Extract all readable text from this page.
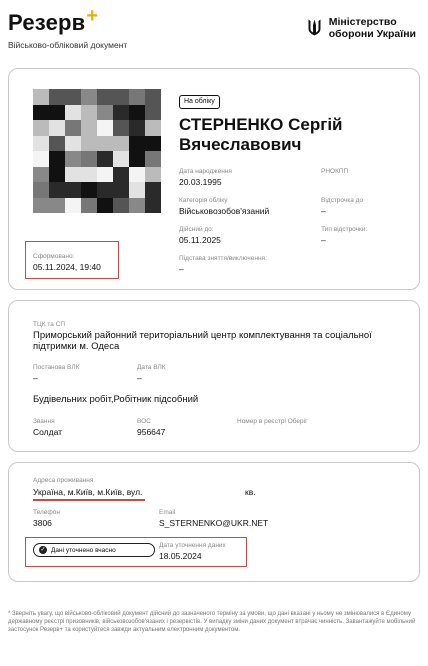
Резерв+
Військово-обліковий документ
Міністерство
оборони України
На обліку
СТЕРНЕНКО Сергій
Вячеславович
Дата народження
20.03.1995
РНОКПП
Категорія обліку
Військовозобов'язаний
Відстрочка до
–
Дійсний до:
05.11.2025
Тип відстрочки:
–
Сформовано:
05.11.2024, 19:40
Підстава зняття/виключення:
–
ТЦК та СП
Приморський районний територіальний центр комплектування та соціальної
підтримки м. Одеса
Постанова ВЛК
–
Дата ВЛК
–
Будівельних робіт,Робітник підсобний
Звання
Солдат
ВОС
956647
Номер в реєстрі Оберіг
Адреса проживання
Україна, м.Київ, м.Київ, вул.	кв.
Телефон
3806
Email
S_STERNENKO@UKR.NET
✓ Дані уточнено вчасно
Дата уточнення даних
18.05.2024
* Зверніть увагу, що військово-обліковий документ дійсний до зазначеного терміну за умови, що дані вказані у ньому не змінювалися в Єдиному державному реєстрі призовників, військовозобов'язаних і резервістів. У випадку зміни даних документ втрачає чинність. Завантажуйте мобільний застосунок Резерв+ та користуйтеся завжди актуальним електронним документом.
